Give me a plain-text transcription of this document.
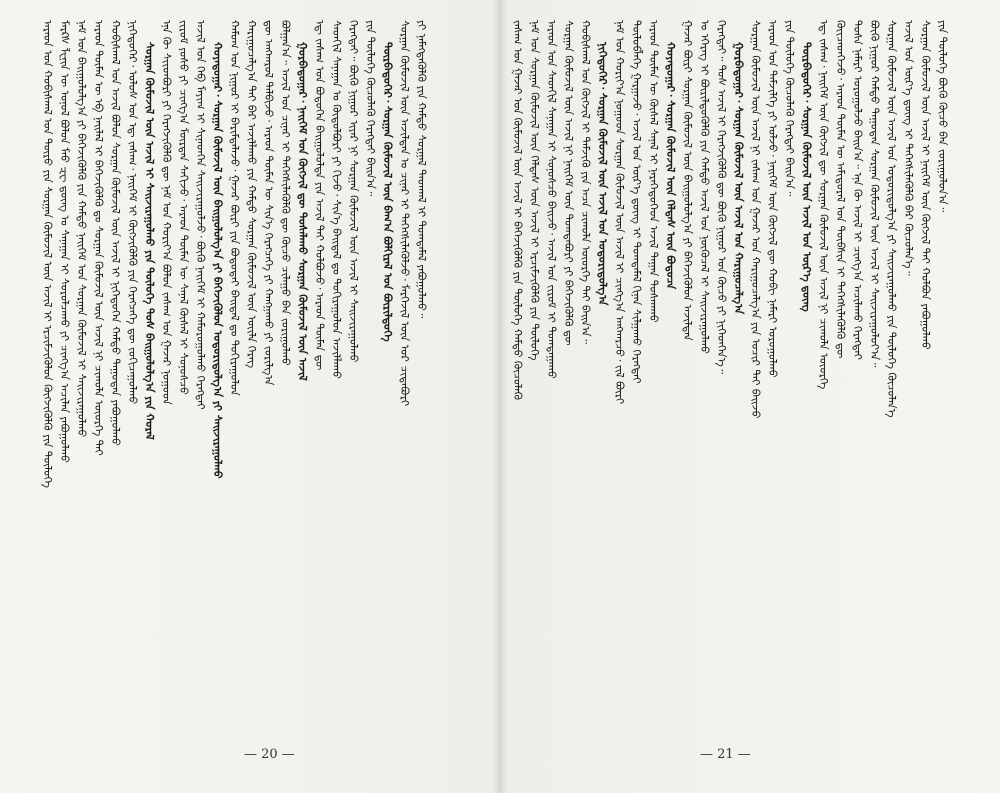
ᠠᠷᠠᠳ ᠤᠨ ᠬᠤᠪᠢᠰᠬᠠᠯ ᠤᠨ ᠲᠦᠷᠦ ᠶᠢᠨ ᠰᠤᠷᠭᠠᠨ ᠬᠦᠮᠦᠵᠢᠯ ᠦᠨ ᠠᠵᠢᠯ ᠢ ᠡᠷᠴᠢᠮᠵᠢᠭᠦᠯᠦᠨ ᠬᠦᠭᠵᠢᠭᠦᠯᠬᠦ ᠶᠢᠨ ᠲᠥᠯᠥᠭᠡ ᠮᠠᠷᠺᠰ ᠯᠧᠨᠢᠨ ᠦ ᠤᠨᠤᠯ ᠪᠤᠯᠤᠨ ᠮᠠᠤ ᠽᠧ ᠳ᠋ᠦᠩ ᠤ ᠰᠠᠨᠠᠭᠠᠨ ᠢ ᠰᠤᠷᠤᠯᠴᠠᠬᠤ ᠶᠢ ᠴᠢᠩᠭ᠎ᠠ ᠠᠴᠢᠯᠠᠨ ᠶᠠᠪᠤᠭᠤᠯᠬᠤ ᠨᠠᠮ ᠤᠨ ᠪᠠᠢᠭᠤᠯᠤᠯᠭ᠎ᠠ ᠶᠢ ᠪᠡᠬᠡᠵᠢᠭᠦᠯᠬᠦ ᠶᠢᠨ ᠬᠠᠮᠲᠤ ᠨᠡᠢᠭᠡᠮ ᠤᠨ ᠰᠤᠷᠭᠠᠨ ᠬᠦᠮᠦᠵᠢᠯ ᠢ ᠰᠠᠢᠵᠢᠷᠠᠭᠤᠯᠬᠤ ᠠᠷᠠᠳ ᠲᠦᠮᠡᠨ ᠦ ᠡᠪ ᠨᠡᠢᠯᠡᠯ ᠢ ᠪᠡᠬᠡᠵᠢᠭᠦᠯᠬᠦ ᠳᠤ ᠰᠤᠷᠭᠠᠨ ᠬᠦᠮᠦᠵᠢᠯ ᠦᠨ ᠠᠵᠢᠯ ᠨᠢ ᠴᠢᠬᠤᠯᠠ ᠦᠦᠷᠭᠡ ᠲᠡᠢ ᠬᠤᠪᠢᠰᠬᠠᠯ ᠤᠨ ᠠᠵᠢᠯ ᠪᠤᠯᠤᠨ ᠰᠤᠷᠭᠠᠨ ᠬᠦᠮᠦᠵᠢᠯ ᠦᠨ ᠠᠵᠢᠯ ᠢ ᠨᠢᠭᠡᠳᠦᠭᠡᠨ ᠬᠠᠮᠲᠤ ᠳᠠᠭᠤᠳᠠᠨ ᠶᠠᠪᠤᠭᠤᠯᠬᠤ ᠨᠢᠭᠡᠳᠦᠭᠡᠷ᠂ ᠤᠯᠤᠰ ᠤᠨ ᠡᠳ᠋ ᠵᠠᠰᠠᠭ᠂ ᠨᠡᠢᠭᠡᠮ ᠢ ᠬᠥᠭᠵᠢᠭᠦᠯᠬᠦ ᠶᠢᠨ ᠬᠡᠷᠡᠭᠴᠡᠭᠡ ᠳᠦ ᠵᠣᠬᠢᠴᠠᠭᠤᠯᠬᠤ ᠰᠤᠷᠭᠠᠨ ᠬᠦᠮᠦᠵᠢᠯ ᠦᠨ ᠠᠵᠢᠯ ᠢ ᠰᠠᠢᠵᠢᠷᠠᠭᠤᠯᠬᠤ ᠶᠢᠨ ᠲᠥᠯᠥᠭᠡ ᠲᠤᠰ ᠪᠠᠢᠭᠤᠯᠤᠯᠭ᠎ᠠ ᠶᠢᠨ ᠬᠤᠷᠠᠯ ᠡᠨᠡ ᠬᠦ ᠰᠢᠢᠳᠪᠦᠷᠢ ᠶᠢ ᠬᠡᠷᠡᠭᠵᠢᠭᠦᠯᠬᠦ ᠳᠦ ᠨᠠᠮ ᠤᠨ ᠬᠣᠷᠢᠶ᠎ᠠ ᠪᠤᠯᠤᠨ ᠵᠠᠰᠠᠭ ᠤᠨ ᠭᠠᠵᠠᠷ ᠨᠤᠭᠤᠳ ᠵᠢᠷᠤᠮ ᠶᠣᠰᠤ ᠶᠢ ᠴᠢᠩᠭ᠎ᠠ ᠮᠦᠷᠳᠡᠨ ᠰᠠᠬᠢᠵᠤ᠂ ᠠᠷᠠᠳ ᠲᠦᠮᠡᠨ ᠦ ᠰᠠᠨᠠᠯ ᠬᠦᠰᠡᠯ ᠢ ᠰᠣᠨᠣᠰᠴᠤ ᠠᠵᠢᠯ ᠤᠨ ᠬᠡᠪ ᠮᠠᠶᠢᠭ ᠢ ᠰᠢᠨᠡᠳᠬᠡᠨ ᠰᠠᠢᠵᠢᠷᠠᠭᠤᠯᠵᠤ᠂ ᠪᠦᠬᠦ ᠨᠡᠢᠭᠡᠮ ᠢ ᠬᠠᠮᠤᠷᠤᠭᠤᠯᠬᠤ ᠬᠡᠷᠡᠭᠲᠡᠢ ᠬᠣᠶᠠᠳᠤᠭᠠᠷ᠂ ᠰᠤᠷᠭᠠᠨ ᠬᠦᠮᠦᠵᠢᠯ ᠦᠨ ᠪᠠᠢᠭᠤᠯᠤᠯᠭ᠎ᠠ ᠶᠢ ᠪᠡᠬᠡᠵᠢᠭᠦᠯᠦᠨ ᠤᠳᠤᠷᠢᠳᠤᠯᠭ᠎ᠠ ᠶᠢ ᠰᠠᠢᠵᠢᠷᠠᠭᠤᠯᠬᠤ ᠬᠠᠮᠤᠭ ᠤᠨ ᠨᠢᠭᠤᠷ ᠢ ᠪᠠᠷᠢᠮᠳᠠᠯᠠᠵᠤ᠂ ᠭᠠᠵᠠᠷ ᠪᠦᠷᠢ ᠶᠢᠨ ᠪᠤᠳᠤᠳᠠᠢ ᠪᠠᠢᠳᠠᠯ ᠳᠤ ᠲᠣᠬᠢᠷᠠᠭᠤᠯᠤᠨ ᠬᠠᠷᠢᠭᠤᠴᠠᠯᠭ᠎ᠠ ᠲᠠᠢ ᠪᠡᠷ ᠠᠵᠢᠯᠯᠠᠬᠤ ᠶᠢᠨ ᠬᠠᠮᠲᠤ ᠰᠤᠷᠭᠠᠨ ᠬᠦᠮᠦᠵᠢᠯ ᠦᠨ ᠦᠢᠯᠡ ᠬᠡᠷᠡᠭ ᠳᠦ ᠠᠩᠬᠠᠷᠤᠯ ᠲᠠᠯᠪᠢᠵᠤ᠂ ᠠᠷᠠᠳ ᠲᠦᠮᠡᠨ ᠦ ᠰᠢᠨ᠎ᠡ ᠬᠡᠷᠡᠭᠴᠡᠭᠡ ᠶᠢ ᠬᠠᠩᠭᠠᠬᠤ ᠶᠢ ᠵᠣᠷᠢᠯᠭ᠎ᠠ ᠪᠤᠯᠭᠠᠨ᠎ᠠ᠃ ᠠᠵᠢᠯ ᠤᠨ ᠴᠢᠨᠠᠷ ᠢ ᠳᠡᠭᠡᠭᠰᠢᠯᠡᠭᠦᠯᠬᠦ ᠳᠦ ᠬᠦᠴᠦ ᠴᠢᠯᠠᠭᠤ ᠪᠠᠨ ᠵᠣᠷᠢᠭᠤᠯᠬᠤ ᠭᠤᠷᠪᠠᠳᠤᠭᠠᠷ᠂ ᠨᠡᠢᠭᠡᠮ ᠤᠨ ᠬᠥᠭᠵᠢᠯ ᠳᠦ ᠲᠤᠰᠠᠯᠠᠬᠤ ᠰᠤᠷᠭᠠᠨ ᠬᠦᠮᠦᠵᠢᠯ ᠦᠨ ᠠᠵᠢᠯ ᠡᠳ᠋ ᠵᠠᠰᠠᠭ ᠤᠨ ᠪᠤᠲᠦᠭᠡᠨ ᠪᠠᠢᠭᠤᠯᠤᠯᠲᠠ ᠶᠢᠨ ᠠᠵᠢᠯ ᠲᠠᠢ ᠬᠣᠯᠪᠣᠵᠤ᠂ ᠠᠷᠠᠳ ᠲᠦᠮᠡᠨ ᠳᠦ ᠰᠡᠳᠬᠢᠯ ᠰᠠᠨᠠᠭᠠᠨ ᠤ ᠬᠥᠲᠥᠯᠪᠦᠷᠢ ᠶᠢ ᠬᠢᠵᠦ᠂ ᠰᠢᠨ᠎ᠡ ᠪᠠᠢᠳᠠᠯ ᠳᠤ ᠲᠣᠬᠢᠷᠠᠭᠤᠯᠤᠨ ᠠᠵᠢᠯᠯᠠᠬᠤ ᠬᠡᠷᠡᠭᠲᠡᠢ᠃ ᠪᠦᠬᠦ ᠨᠢᠭᠤᠷ ᠢᠶᠠᠷ ᠨᠢ ᠰᠤᠷᠭᠠᠨ ᠬᠦᠮᠦᠵᠢᠯ ᠦᠨ ᠠᠵᠢᠯ ᠢ ᠰᠠᠢᠵᠢᠷᠠᠭᠤᠯᠬᠤ ᠶᠢᠨ ᠲᠥᠯᠥᠭᠡ ᠬᠦᠴᠦᠯᠡᠬᠦ ᠬᠡᠷᠡᠭᠲᠡᠢ ᠪᠠᠢᠨ᠎ᠠ᠃ ᠳᠥᠷᠪᠡᠳᠦᠭᠡᠷ᠂ ᠰᠤᠷᠭᠠᠨ ᠬᠦᠮᠦᠵᠢᠯ ᠦᠨ ᠪᠠᠭ᠎ᠠ ᠪᠤᠯᠬᠢᠷᠠᠯ ᠤᠨ ᠪᠦᠷᠢᠯᠳᠦᠭᠡ ᠰᠤᠷᠭᠠᠨ ᠬᠦᠮᠦᠵᠢᠯ ᠦᠨ ᠠᠵᠢᠯᠲᠠᠨ ᠤ ᠴᠢᠨᠠᠷ ᠢ ᠳᠡᠭᠡᠭᠰᠢᠯᠡᠭᠦᠯᠵᠦ᠂ ᠮᠡᠷᠭᠡᠵᠢᠯ ᠦᠨ ᠤᠷ ᠴᠢᠳᠠᠪᠤᠷᠢ ᠶᠢ ᠨᠡᠮᠡᠭᠳᠡᠭᠦᠯᠬᠦ ᠶᠢᠨ ᠬᠠᠮᠲᠤ ᠰᠤᠷᠭᠠᠯ ᠳᠠᠳᠬᠠᠯ ᠢ ᠲᠣᠭᠲᠠᠮᠠᠯ ᠶᠠᠪᠤᠭᠤᠯᠬᠤ᠃	ᠵᠠᠰᠠᠭ ᠤᠨ ᠭᠠᠵᠠᠷ ᠤᠨ ᠬᠦᠮᠦᠵᠢᠯ ᠦᠨ ᠠᠵᠢᠯ ᠢ ᠪᠡᠬᠡᠵᠢᠭᠦᠯᠬᠦ ᠶᠢᠨ ᠲᠥᠯᠥᠭᠡ ᠬᠠᠮᠲᠤ ᠬᠦᠴᠦᠯᠡᠬᠦ ᠨᠠᠮ ᠤᠨ ᠰᠤᠷᠭᠠᠨ ᠬᠦᠮᠦᠵᠢᠯ ᠦᠨ ᠬᠡᠯᠲᠡᠰ ᠦᠨ ᠠᠵᠢᠯ ᠢ ᠡᠷᠴᠢᠮᠵᠢᠭᠦᠯᠬᠦ ᠶᠢᠨ ᠲᠥᠯᠥᠭᠡ ᠠᠷᠠᠳ ᠤᠨ ᠰᠡᠳᠬᠢᠯ ᠰᠠᠨᠠᠭᠠᠨ ᠢ ᠰᠣᠨᠣᠰᠴᠤ ᠪᠠᠢᠵᠤ᠂ ᠠᠵᠢᠯ ᠤᠨ ᠵᠢᠷᠤᠮ ᠢ ᠲᠣᠭᠲᠠᠭᠠᠬᠤ ᠰᠤᠷᠭᠠᠨ ᠬᠦᠮᠦᠵᠢᠯ ᠦᠨ ᠠᠵᠢᠯ ᠨᠢ ᠨᠡᠢᠭᠡᠮ ᠦᠨ ᠲᠣᠭᠲᠠᠪᠤᠷᠢ ᠶᠢ ᠪᠡᠬᠡᠵᠢᠭᠦᠯᠬᠦ ᠳᠦ ᠬᠤᠪᠢᠰᠬᠠᠯ ᠤᠨ ᠬᠥᠭᠵᠢᠯ ᠢ ᠳᠡᠮᠵᠢᠬᠦ ᠶᠢᠨ ᠠᠴᠠ ᠴᠢᠬᠤᠯᠠ ᠦᠦᠷᠭᠡ ᠲᠡᠢ ᠪᠠᠢᠨ᠎ᠠ᠃ ᠨᠢᠭᠡᠳᠦᠭᠡᠷ᠂ ᠰᠤᠷᠭᠠᠨ ᠬᠦᠮᠦᠵᠢᠯ ᠦᠨ ᠠᠵᠢᠯ ᠤᠨ ᠤᠳᠤᠷᠢᠳᠤᠯᠭ᠎ᠠ ᠨᠠᠮ ᠤᠨ ᠬᠣᠷᠢᠶ᠎ᠠ ᠨᠤᠭᠤᠳ ᠰᠤᠷᠭᠠᠨ ᠬᠦᠮᠦᠵᠢᠯ ᠦᠨ ᠠᠵᠢᠯ ᠢ ᠴᠢᠩᠭ᠎ᠠ ᠠᠩᠬᠠᠷᠴᠤ᠂ ᠵᠢᠯ ᠪᠦᠷᠢ ᠲᠥᠯᠥᠪᠯᠡᠭᠡ ᠭᠠᠷᠭᠠᠵᠤ᠂ ᠠᠵᠢᠯ ᠤᠨ ᠦᠷ᠎ᠡ ᠳ᠋ᠦᠩ ᠢ ᠲᠣᠭᠲᠠᠮᠠᠯ ᠬᠢᠨᠠᠨ ᠰᠢᠯᠭᠠᠬᠤ ᠬᠡᠷᠡᠭᠲᠡᠢ ᠠᠷᠠᠳ ᠲᠦᠮᠡᠨ ᠦ ᠬᠦᠰᠡᠯ ᠰᠠᠨᠠᠯ ᠢ ᠨᠡᠷᠡᠭᠡᠳᠦᠭᠡᠳ ᠠᠵᠢᠯ ᠳᠠᠭᠠᠨ ᠲᠤᠰᠬᠠᠬᠤ ᠬᠣᠶᠠᠳᠤᠭᠠᠷ᠂ ᠰᠤᠷᠭᠠᠨ ᠬᠦᠮᠦᠵᠢᠯ ᠦᠨ ᠬᠡᠯᠲᠡᠰ ᠦᠨ ᠪᠤᠲᠦᠴᠡ ᠭᠠᠵᠠᠷ ᠪᠦᠷᠢ ᠰᠤᠷᠭᠠᠨ ᠬᠦᠮᠦᠵᠢᠯ ᠦᠨ ᠪᠠᠢᠭᠤᠯᠤᠯᠭ᠎ᠠ ᠶᠢ ᠪᠡᠬᠡᠵᠢᠭᠦᠯᠦᠨ ᠠᠵᠢᠯᠲᠠᠨ ᠤ ᠡᠭᠡᠷᠡᠭ ᠢ ᠪᠦᠷᠢᠯᠳᠦᠭᠦᠯᠬᠦ ᠶᠢᠨ ᠬᠠᠮᠲᠤ ᠠᠵᠢᠯ ᠤᠨ ᠨᠥᠬᠦᠴᠡᠯ ᠢ ᠰᠠᠢᠵᠢᠷᠠᠭᠤᠯᠬᠤ ᠬᠡᠷᠡᠭᠲᠡᠢ᠃ ᠲᠤᠰ ᠠᠵᠢᠯ ᠢ ᠬᠡᠷᠡᠭᠵᠢᠭᠦᠯᠬᠦ ᠳᠦ ᠪᠦᠬᠦ ᠨᠢᠭᠤᠷ ᠤᠨ ᠬᠦᠴᠦ ᠶᠢ ᠨᠢᠭᠡᠳᠭᠡᠨ᠎ᠡ᠃ ᠭᠤᠷᠪᠠᠳᠤᠭᠠᠷ᠂ ᠰᠤᠷᠭᠠᠨ ᠬᠦᠮᠦᠵᠢᠯ ᠦᠨ ᠠᠵᠢᠯ ᠤᠨ ᠬᠠᠷᠢᠭᠤᠴᠠᠯᠭ᠎ᠠ ᠰᠤᠷᠭᠠᠨ ᠬᠦᠮᠦᠵᠢᠯ ᠦᠨ ᠠᠵᠢᠯ ᠨᠢ ᠵᠠᠰᠠᠭ ᠤᠨ ᠭᠠᠵᠠᠷ ᠤᠨ ᠬᠠᠷᠢᠭᠤᠴᠠᠯᠭ᠎ᠠ ᠶᠢᠨ ᠤᠴᠢᠷ ᠲᠠᠢ ᠪᠠᠢᠵᠤ ᠠᠷᠠᠳ ᠤᠨ ᠳᠡᠮᠵᠢᠯᠭᠡ ᠶᠢ ᠣᠯᠵᠤ᠂ ᠨᠡᠢᠭᠡᠮ ᠦᠨ ᠬᠥᠭᠵᠢᠯ ᠳᠦ ᠬᠤᠪᠢ ᠨᠡᠮᠡᠷᠢ ᠣᠷᠤᠭᠤᠯᠬᠤ ᠶᠢᠨ ᠲᠥᠯᠥᠭᠡ ᠬᠦᠴᠦᠯᠡᠬᠦ ᠬᠡᠷᠡᠭᠲᠡᠢ ᠪᠠᠢᠨ᠎ᠠ᠃ ᠳᠥᠷᠪᠡᠳᠦᠭᠡᠷ᠂ ᠰᠤᠷᠭᠠᠨ ᠬᠦᠮᠦᠵᠢᠯ ᠦᠨ ᠠᠵᠢᠯ ᠤᠨ ᠦᠷ᠎ᠡ ᠳ᠋ᠦᠩ ᠡᠳ᠋ ᠵᠠᠰᠠᠭ᠂ ᠨᠡᠢᠭᠡᠮ ᠦᠨ ᠬᠥᠭᠵᠢᠯ ᠳᠦ ᠰᠤᠷᠭᠠᠨ ᠬᠦᠮᠦᠵᠢᠯ ᠦᠨ ᠠᠵᠢᠯ ᠨᠢ ᠴᠢᠬᠤᠯᠠ ᠦᠦᠷᠭᠡ ᠭᠦᠢᠴᠡᠳᠬᠡᠵᠦ᠂ ᠠᠷᠠᠳ ᠲᠦᠮᠡᠨ ᠦ ᠠᠮᠢᠳᠤᠷᠠᠯ ᠤᠨ ᠲᠦᠪᠰᠢᠨ ᠢ ᠳᠡᠭᠡᠭᠰᠢᠯᠡᠭᠦᠯᠬᠦ ᠳᠦ ᠲᠤᠰᠠ ᠨᠡᠮᠡᠷᠢ ᠣᠷᠤᠭᠤᠯᠵᠤ ᠪᠠᠢᠨ᠎ᠠ᠃ ᠡᠨᠡ ᠬᠦ ᠠᠵᠢᠯ ᠢ ᠴᠢᠩᠭ᠎ᠠ ᠠᠴᠢᠯᠠᠬᠤ ᠬᠡᠷᠡᠭᠲᠡᠢ ᠪᠦᠬᠦ ᠨᠢᠭᠤᠷ ᠬᠠᠮᠲᠤ ᠳᠠᠭᠤᠳᠠᠨ ᠰᠤᠷᠭᠠᠨ ᠬᠦᠮᠦᠵᠢᠯ ᠦᠨ ᠠᠵᠢᠯ ᠢ ᠰᠠᠢᠵᠢᠷᠠᠭᠤᠯᠤᠶ᠎ᠠ᠃ ᠰᠤᠷᠭᠠᠨ ᠬᠦᠮᠦᠵᠢᠯ ᠦᠨ ᠠᠵᠢᠯ ᠤᠨ ᠤᠳᠤᠷᠢᠳᠤᠯᠭ᠎ᠠ ᠶᠢ ᠰᠠᠢᠵᠢᠷᠠᠭᠤᠯᠬᠤ ᠶᠢᠨ ᠲᠥᠯᠥᠭᠡ ᠬᠦᠴᠦᠯᠡᠨ᠎ᠡ ᠠᠵᠢᠯ ᠤᠨ ᠦᠷ᠎ᠡ ᠳ᠋ᠦᠩ ᠢ ᠳᠡᠭᠡᠭᠰᠢᠯᠡᠭᠦᠯᠬᠦ ᠪᠠᠷ ᠬᠦᠴᠦᠯᠡᠨ᠎ᠡ᠃ ᠰᠤᠷᠭᠠᠨ ᠬᠦᠮᠦᠵᠢᠯ ᠦᠨ ᠠᠵᠢᠯ ᠢ ᠨᠡᠢᠭᠡᠮ ᠦᠨ ᠬᠥᠭᠵᠢᠯ ᠲᠠᠢ ᠬᠣᠯᠪᠣᠨ ᠶᠠᠪᠤᠭᠤᠯᠬᠤ ᠶᠢᠨ ᠲᠥᠯᠥᠭᠡ ᠪᠦᠬᠦ ᠬᠦᠴᠦ ᠪᠡᠨ ᠵᠣᠷᠢᠭᠤᠯᠤᠨ᠎ᠠ᠃
— 20 —	— 21 —
